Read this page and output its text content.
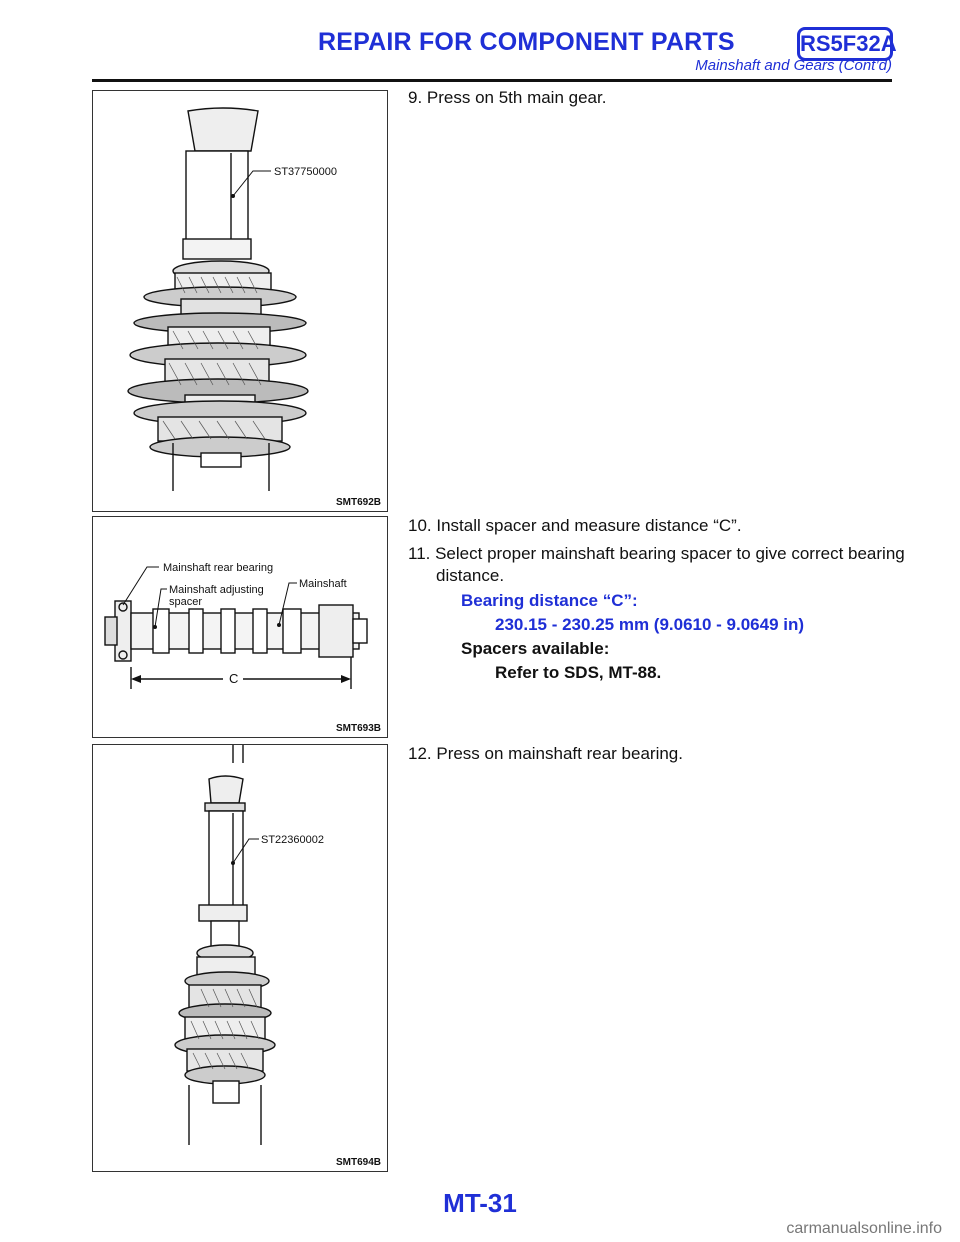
REPAIR FOR COMPONENT PARTS	RS5F32A
Mainshaft and Gears (Cont’d)
ST37750000
SMT692B
C
Mainshaft rear bearing
Mainshaft adjusting
spacer
Mainshaft
SMT693B
ST22360002
SMT694B
9. Press on 5th main gear.
10. Install spacer and measure distance “C”.
11. Select proper mainshaft bearing spacer to give correct bearing
distance.
Bearing distance “C”:
230.15 - 230.25 mm (9.0610 - 9.0649 in)
Spacers available:
Refer to SDS, MT-88.
12. Press on mainshaft rear bearing.
MT-31
carmanualsonline.info
